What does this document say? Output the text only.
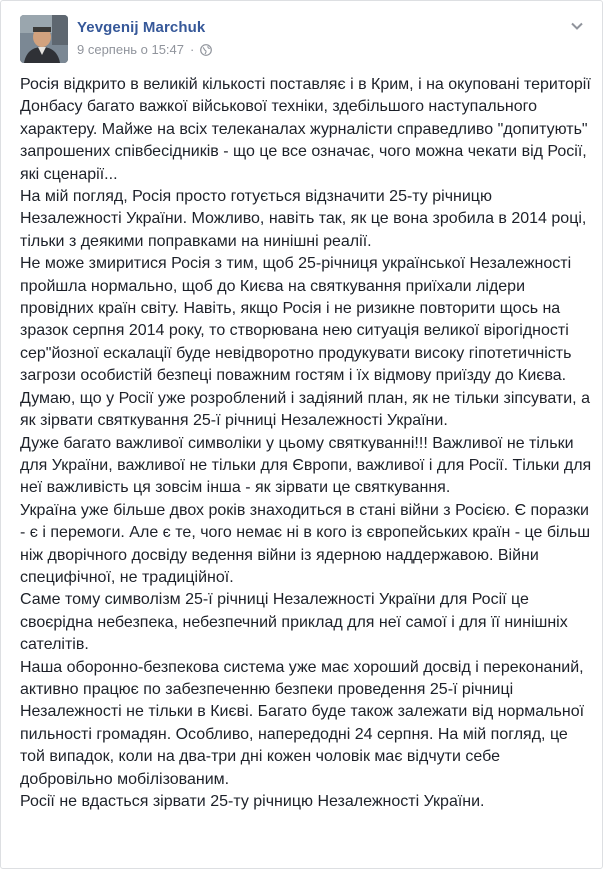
Yevgenij Marchuk
9 серпень о 15:47 ·

Росія відкрито в великій кількості поставляє і в Крим, і на окуповані території Донбасу багато важкої військової техніки, здебільшого наступального характеру. Майже на всіх телеканалах журналісти справедливо "допитують" запрошених співбесідників - що це все означає, чого можна чекати від Росії, які сценарії...

На мій погляд, Росія просто готується відзначити 25-ту річницю Незалежності України. Можливо, навіть так, як це вона зробила в 2014 році, тільки з деякими поправками на нинішні реалії.

Не може змиритися Росія з тим, щоб 25-річниця української Незалежності пройшла нормально, щоб до Києва на святкування приїхали лідери провідних країн світу. Навіть, якщо Росія і не ризикне повторити щось на зразок серпня 2014 року, то створювана нею ситуація великої вірогідності сер"йозної ескалації буде невідворотно продукувати високу гіпотетичність загрози особистій безпеці поважним гостям і їх відмову приїзду до Києва. Думаю, що у Росії уже розроблений і задіяний план, як не тільки зіпсувати, а як зірвати святкування 25-ї річниці Незалежності України.

Дуже багато важливої символіки у цьому святкуванні!!! Важливої не тільки для України, важливої не тільки для Європи, важливої і для Росії. Тільки для неї важливість ця зовсім інша - як зірвати це святкування.

Україна уже більше двох років знаходиться в стані війни з Росією. Є поразки - є і перемоги. Але є те, чого немає ні в кого із європейських країн - це більш ніж дворічного досвіду ведення війни із ядерною наддержавою. Війни специфічної, не традиційної.

Саме тому символізм 25-ї річниці Незалежності України для Росії це своєрідна небезпека, небезпечний приклад для неї самої і для її нинішніх сателітів.

Наша оборонно-безпекова система уже має хороший досвід і переконаний, активно працює по забезпеченню безпеки проведення 25-ї річниці Незалежності не тільки в Києві. Багато буде також залежати від нормальної пильності громадян. Особливо, напередодні 24 серпня. На мій погляд, це той випадок, коли на два-три дні кожен чоловік має відчути себе добровільно мобілізованим.

Росії не вдасться зірвати 25-ту річницю Незалежності України.
